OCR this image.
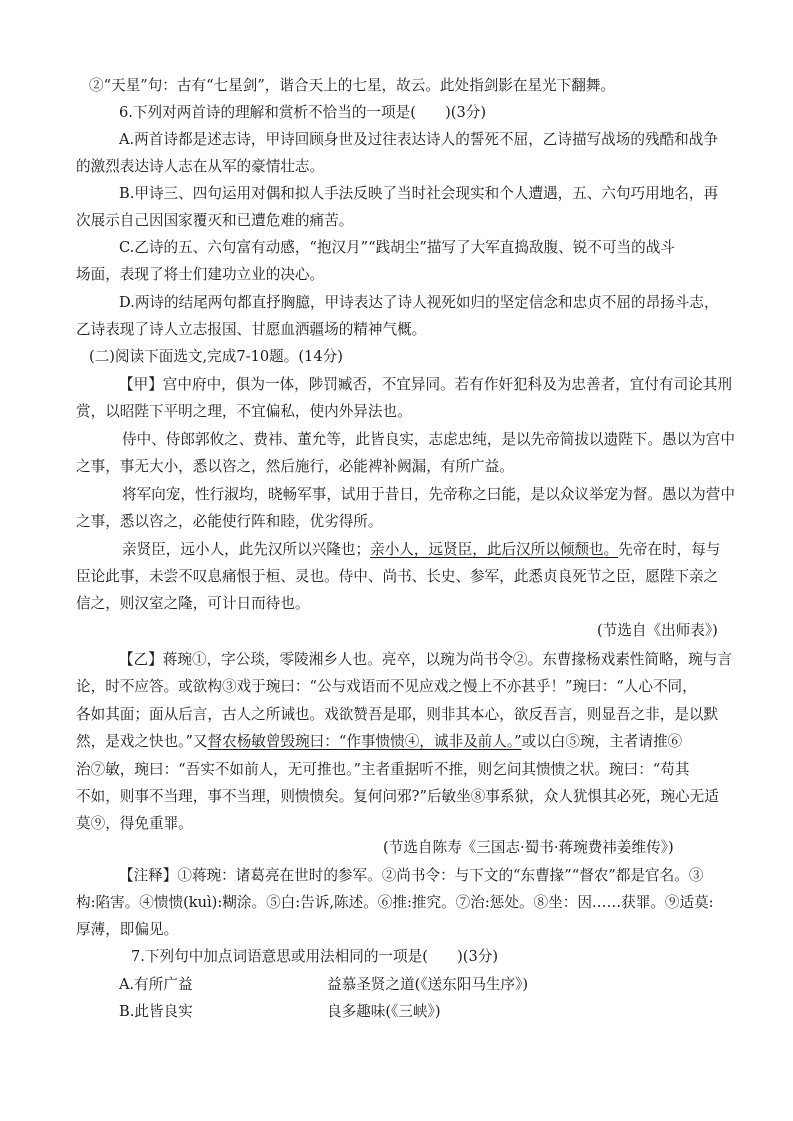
②“天星”句：古有“七星剑”，谐合天上的七星，故云。此处指剑影在星光下翻舞。
6.下列对两首诗的理解和赏析不恰当的一项是(　　)(3分)
A.两首诗都是述志诗，甲诗回顾身世及过往表达诗人的誓死不屈，乙诗描写战场的残酷和战争
的激烈表达诗人志在从军的豪情壮志。
B.甲诗三、四句运用对偶和拟人手法反映了当时社会现实和个人遭遇，五、六句巧用地名，再
次展示自己因国家覆灭和已遭危难的痛苦。
C.乙诗的五、六句富有动感，“抱汉月”“践胡尘”描写了大军直捣敌腹、锐不可当的战斗
场面，表现了将士们建功立业的决心。
D.两诗的结尾两句都直抒胸臆，甲诗表达了诗人视死如归的坚定信念和忠贞不屈的昂扬斗志，
乙诗表现了诗人立志报国、甘愿血洒疆场的精神气概。
(二)阅读下面选文,完成7-10题。(14分)
【甲】宫中府中，俱为一体，陟罚臧否，不宜异同。若有作奸犯科及为忠善者，宜付有司论其刑
赏，以昭陛下平明之理，不宜偏私，使内外异法也。
侍中、侍郎郭攸之、费祎、董允等，此皆良实，志虑忠纯，是以先帝简拔以遗陛下。愚以为宫中
之事，事无大小，悉以咨之，然后施行，必能裨补阙漏，有所广益。
将军向宠，性行淑均，晓畅军事，试用于昔日，先帝称之曰能，是以众议举宠为督。愚以为营中
之事，悉以咨之，必能使行阵和睦，优劣得所。
亲贤臣，远小人，此先汉所以兴隆也；亲小人，远贤臣，此后汉所以倾颓也。先帝在时，每与
臣论此事，未尝不叹息痛恨于桓、灵也。侍中、尚书、长史、参军，此悉贞良死节之臣，愿陛下亲之
信之，则汉室之隆，可计日而待也。
(节选自《出师表》)
【乙】蒋琬①，字公琰，零陵湘乡人也。亮卒，以琬为尚书令②。东曹掾杨戏素性简略，琬与言
论，时不应答。或欲构③戏于琬曰：“公与戏语而不见应戏之慢上不亦甚乎！”琬曰：“人心不同，
各如其面；面从后言，古人之所诫也。戏欲赞吾是耶，则非其本心，欲反吾言，则显吾之非，是以默
然，是戏之快也。”又督农杨敏曾毁琬曰：“作事愦愦④，诚非及前人。”或以白⑤琬，主者请推⑥
治⑦敏，琬曰：“吾实不如前人，无可推也。”主者重据听不推，则乞问其愦愦之状。琬曰：“苟其
不如，则事不当理，事不当理，则愦愦矣。复何问邪?”后敏坐⑧事系狱，众人犹惧其必死，琬心无适
莫⑨，得免重罪。
(节选自陈寿《三国志·蜀书·蒋琬费祎姜维传》)
【注释】①蒋琬：诸葛亮在世时的参军。②尚书令：与下文的“东曹掾”“督农”都是官名。③
构:陷害。④愦愦(kuì):糊涂。⑤白:告诉,陈述。⑥推:推究。⑦治:惩处。⑧坐：因……获罪。⑨适莫:
厚薄，即偏见。
7.下列句中加点词语意思或用法相同的一项是(　　)(3分)
A.有所广益	益慕圣贤之道(《送东阳马生序》)
B.此皆良实	良多趣味(《三峡》)
